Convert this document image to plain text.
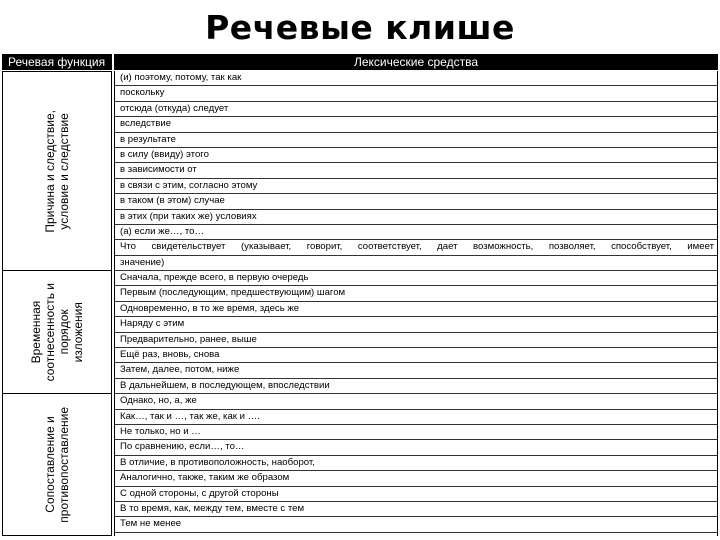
Речевые клише
Речевая функция	Лексические средства
Причина и следствие,
условие и следствие
Временная
соотнесенность и
порядок
изложения
Сопоставление и
противопоставление
(и) поэтому, потому, так как
поскольку
отсюда (откуда) следует
вследствие
в результате
в силу (ввиду) этого
в зависимости от
в связи с этим, согласно этому
в таком (в этом) случае
в этих (при таких же) условиях
(а) если же…, то…
Что свидетельствует (указывает, говорит, соответствует, дает возможность, позволяет, способствует, имеет
значение)
Сначала, прежде всего, в первую очередь
Первым (последующим, предшествующим) шагом
Одновременно, в то же время, здесь же
Наряду с этим
Предварительно, ранее, выше
Ещё раз, вновь, снова
Затем, далее, потом, ниже
В дальнейшем, в последующем, впоследствии
Однако, но, а, же
Как…, так и …, так же, как и ….
Не только, но и …
По сравнению, если…, то…
В отличие, в противоположность, наоборот,
Аналогично, также, таким же образом
С одной стороны, с другой стороны
В то время, как, между тем, вместе с тем
Тем не менее
